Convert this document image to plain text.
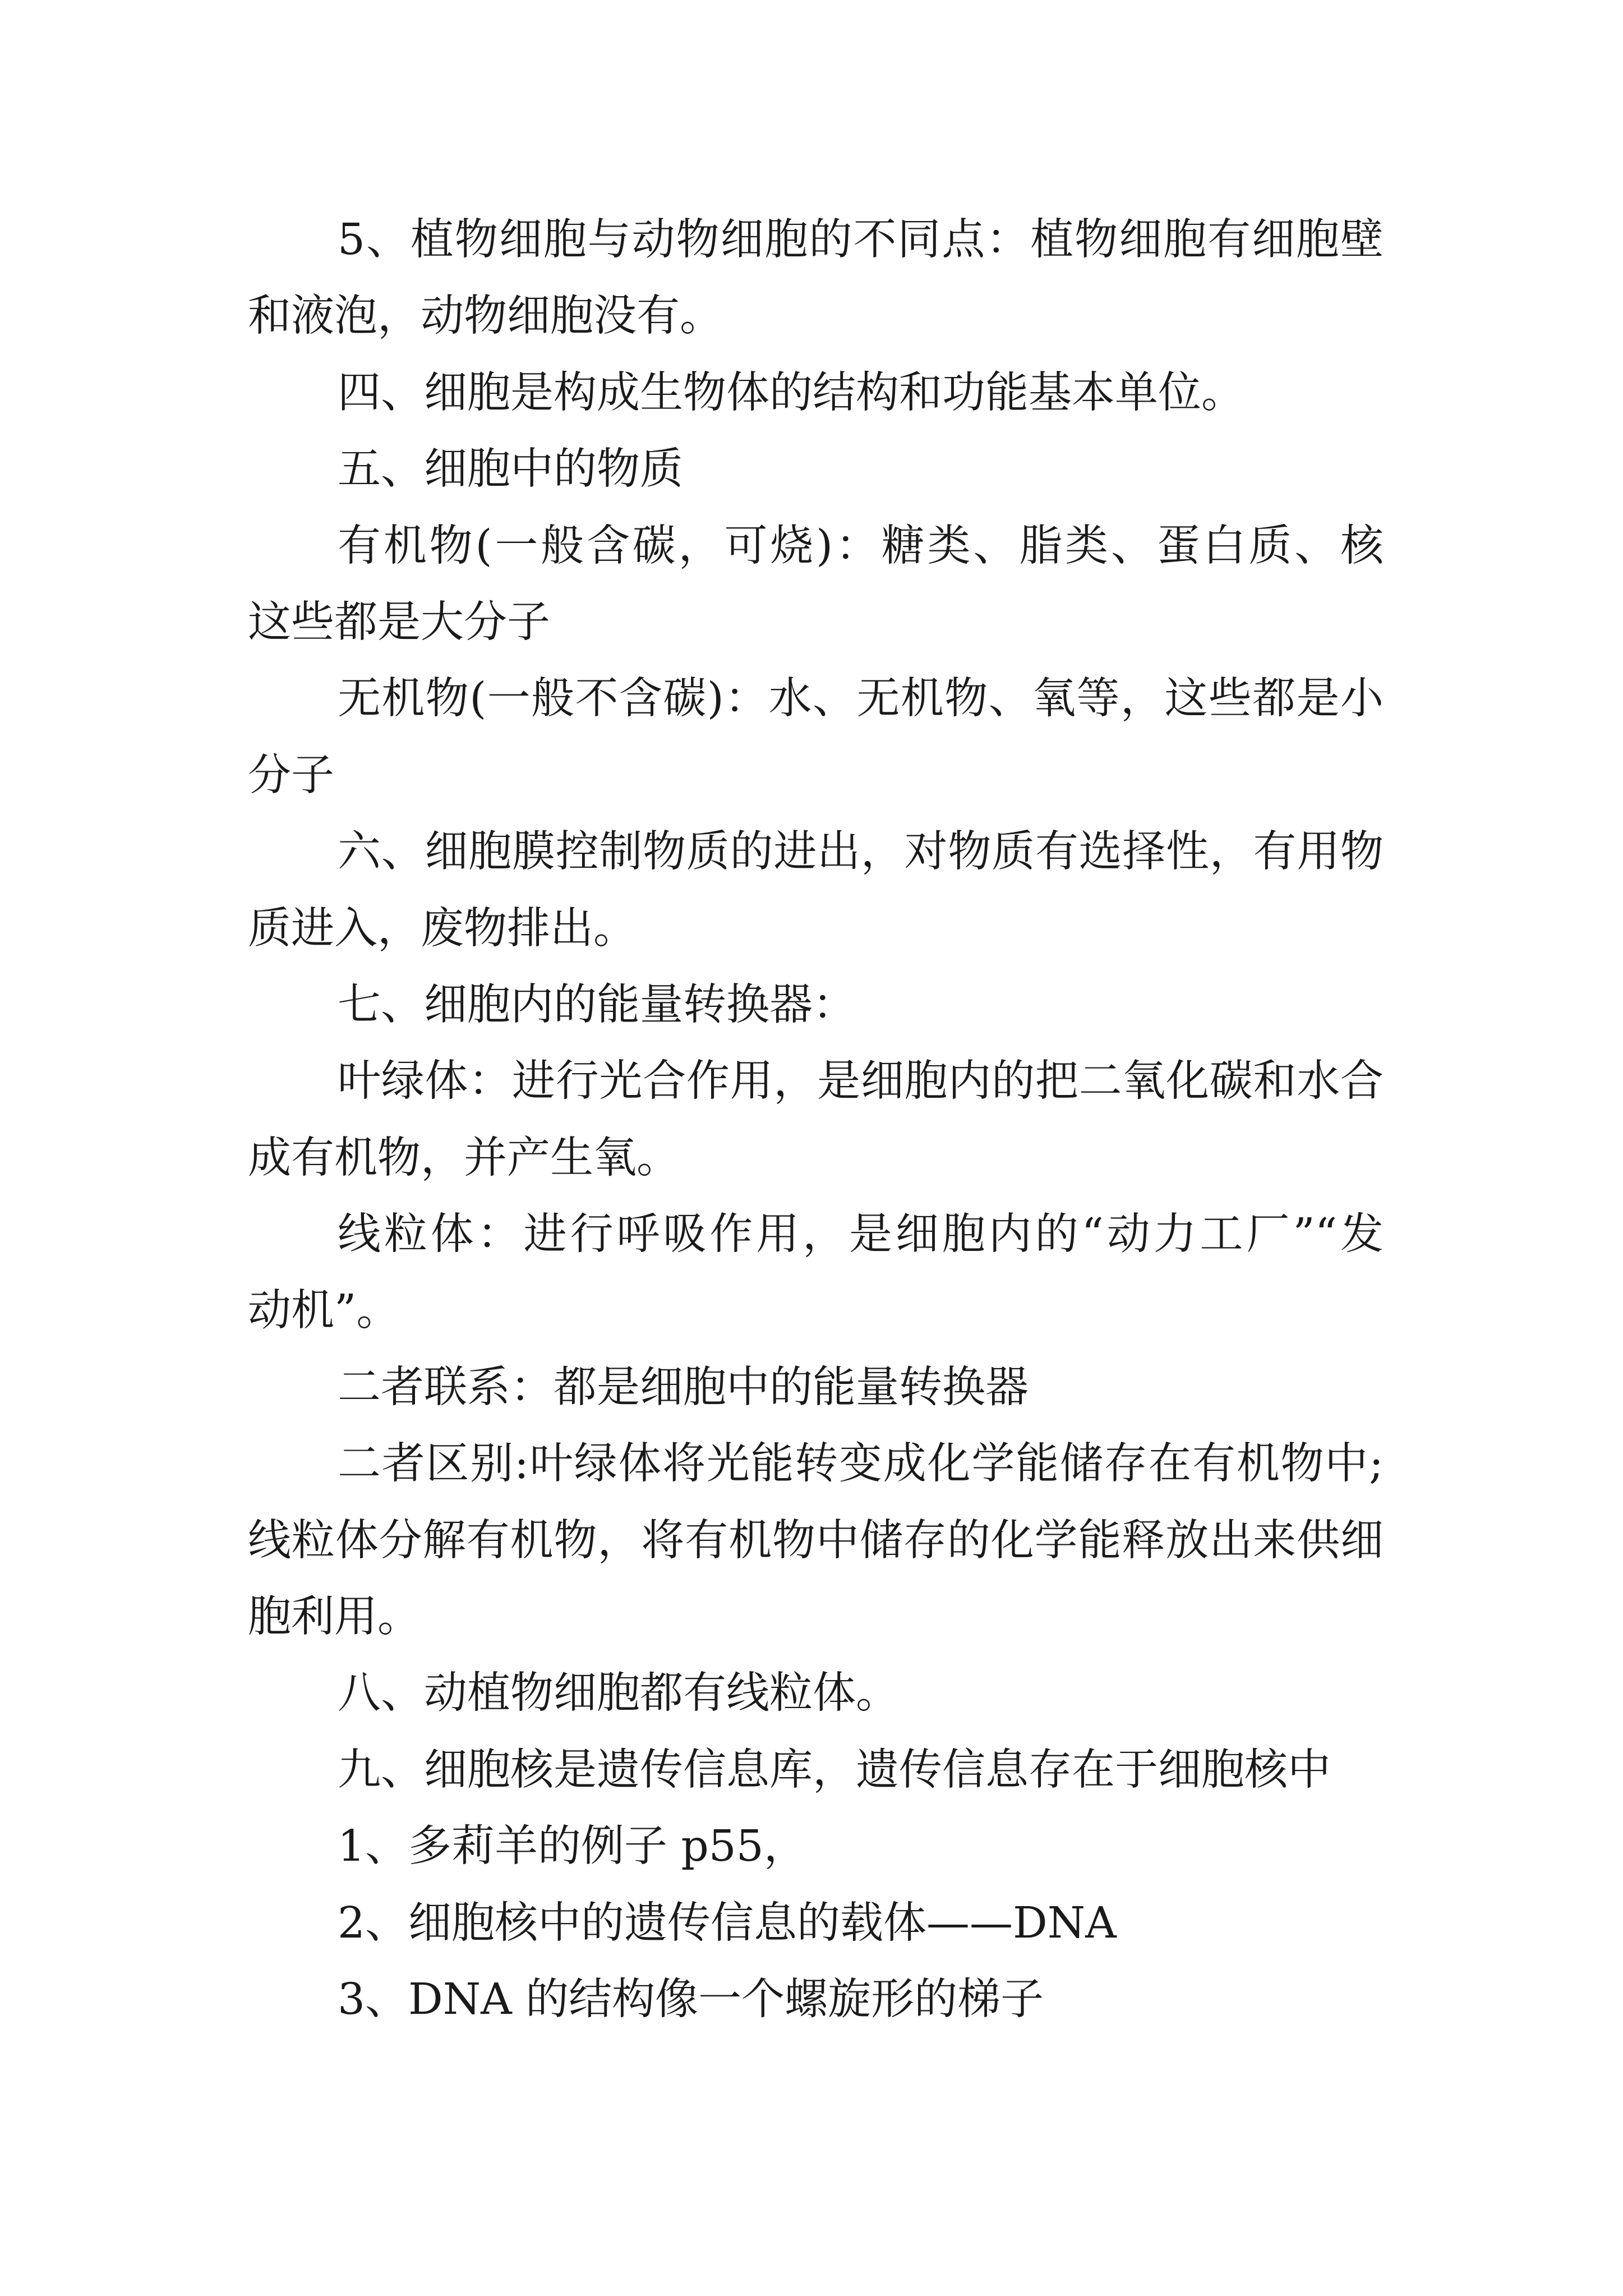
5、植物细胞与动物细胞的不同点：植物细胞有细胞壁
和液泡，动物细胞没有。
四、细胞是构成生物体的结构和功能基本单位。
五、细胞中的物质
有机物(一般含碳，可烧)：糖类、脂类、蛋白质、核
这些都是大分子
无机物(一般不含碳)：水、无机物、氧等，这些都是小
分子
六、细胞膜控制物质的进出，对物质有选择性，有用物
质进入，废物排出。
七、细胞内的能量转换器：
叶绿体：进行光合作用，是细胞内的把二氧化碳和水合
成有机物，并产生氧。
线粒体：进行呼吸作用，是细胞内的“动力工厂”“发
动机”。
二者联系：都是细胞中的能量转换器
二者区别:叶绿体将光能转变成化学能储存在有机物中;
线粒体分解有机物，将有机物中储存的化学能释放出来供细
胞利用。
八、动植物细胞都有线粒体。
九、细胞核是遗传信息库，遗传信息存在于细胞核中
1、多莉羊的例子 p55，
2、细胞核中的遗传信息的载体——DNA
3、DNA 的结构像一个螺旋形的梯子
